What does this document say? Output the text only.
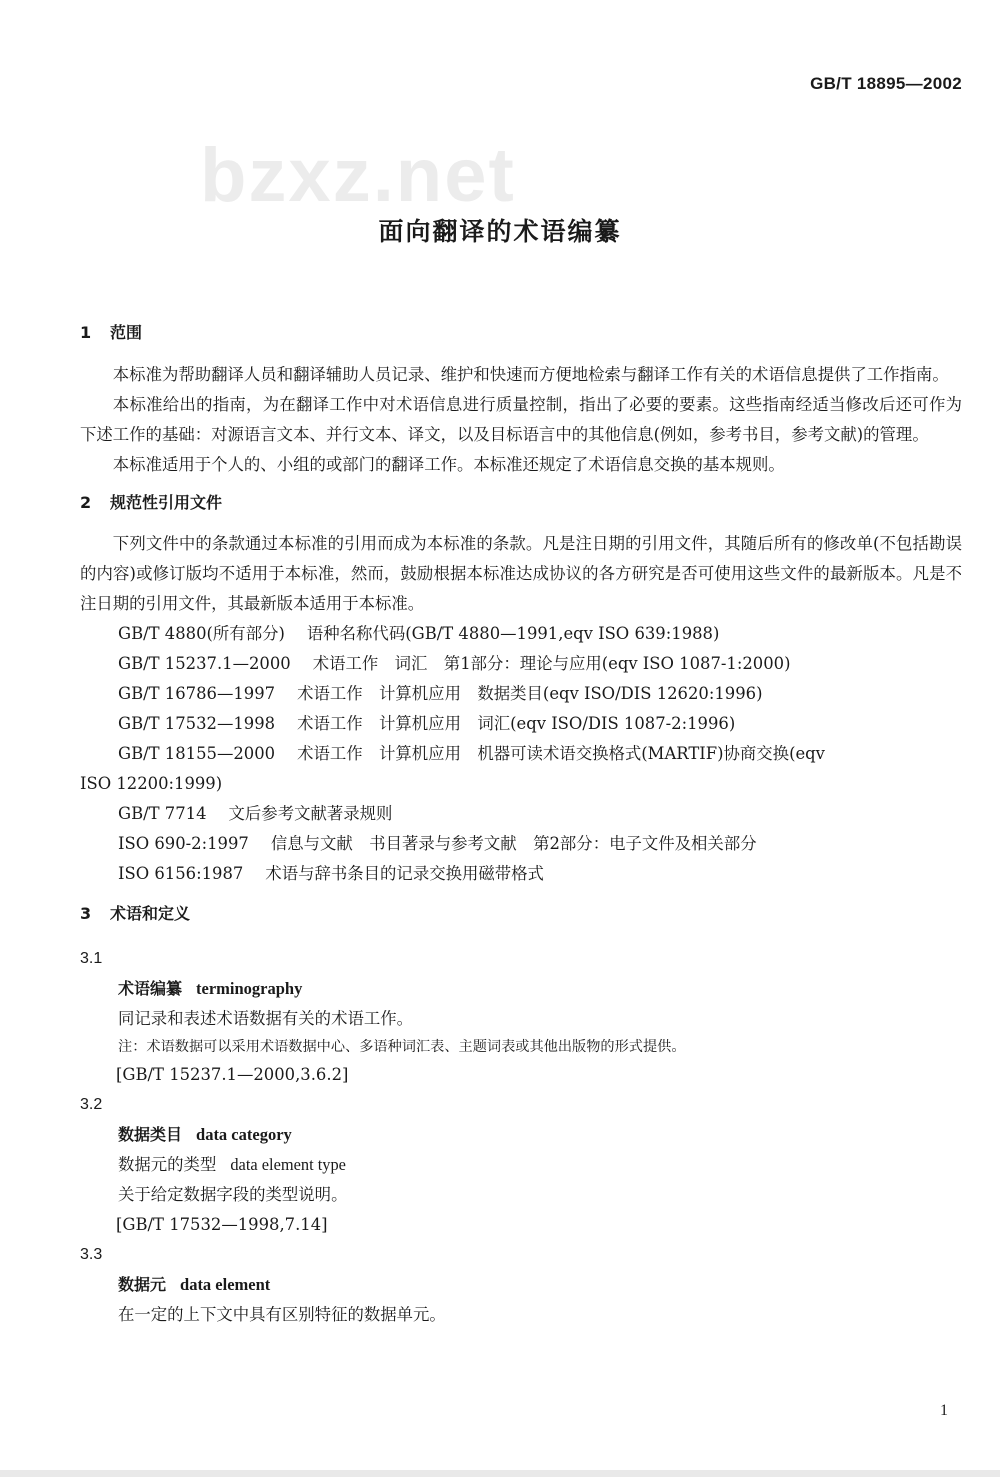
GB/T 18895—2002
bzxz.net
面向翻译的术语编纂

1 范围

本标准为帮助翻译人员和翻译辅助人员记录、维护和快速而方便地检索与翻译工作有关的术语信息提供了工作指南。

本标准给出的指南，为在翻译工作中对术语信息进行质量控制，指出了必要的要素。这些指南经适当修改后还可作为下述工作的基础：对源语言文本、并行文本、译文，以及目标语言中的其他信息(例如，参考书目，参考文献)的管理。

本标准适用于个人的、小组的或部门的翻译工作。本标准还规定了术语信息交换的基本规则。

2 规范性引用文件

下列文件中的条款通过本标准的引用而成为本标准的条款。凡是注日期的引用文件，其随后所有的修改单(不包括勘误的内容)或修订版均不适用于本标准，然而，鼓励根据本标准达成协议的各方研究是否可使用这些文件的最新版本。凡是不注日期的引用文件，其最新版本适用于本标准。

GB/T 4880(所有部分) 语种名称代码(GB/T 4880—1991,eqv ISO 639:1988)

GB/T 15237.1—2000 术语工作　词汇　第1部分：理论与应用(eqv ISO 1087-1:2000)

GB/T 16786—1997 术语工作　计算机应用　数据类目(eqv ISO/DIS 12620:1996)

GB/T 17532—1998 术语工作　计算机应用　词汇(eqv ISO/DIS 1087-2:1996)

GB/T 18155—2000 术语工作　计算机应用　机器可读术语交换格式(MARTIF)协商交换(eqv

ISO 12200:1999)

GB/T 7714 文后参考文献著录规则

ISO 690-2:1997 信息与文献　书目著录与参考文献　第2部分：电子文件及相关部分

ISO 6156:1987 术语与辞书条目的记录交换用磁带格式

3 术语和定义

3.1

术语编纂 terminography

同记录和表述术语数据有关的术语工作。

注：术语数据可以采用术语数据中心、多语种词汇表、主题词表或其他出版物的形式提供。

[GB/T 15237.1—2000,3.6.2]

3.2

数据类目 data category

数据元的类型 data element type

关于给定数据字段的类型说明。

[GB/T 17532—1998,7.14]

3.3

数据元 data element

在一定的上下文中具有区别特征的数据单元。

1
